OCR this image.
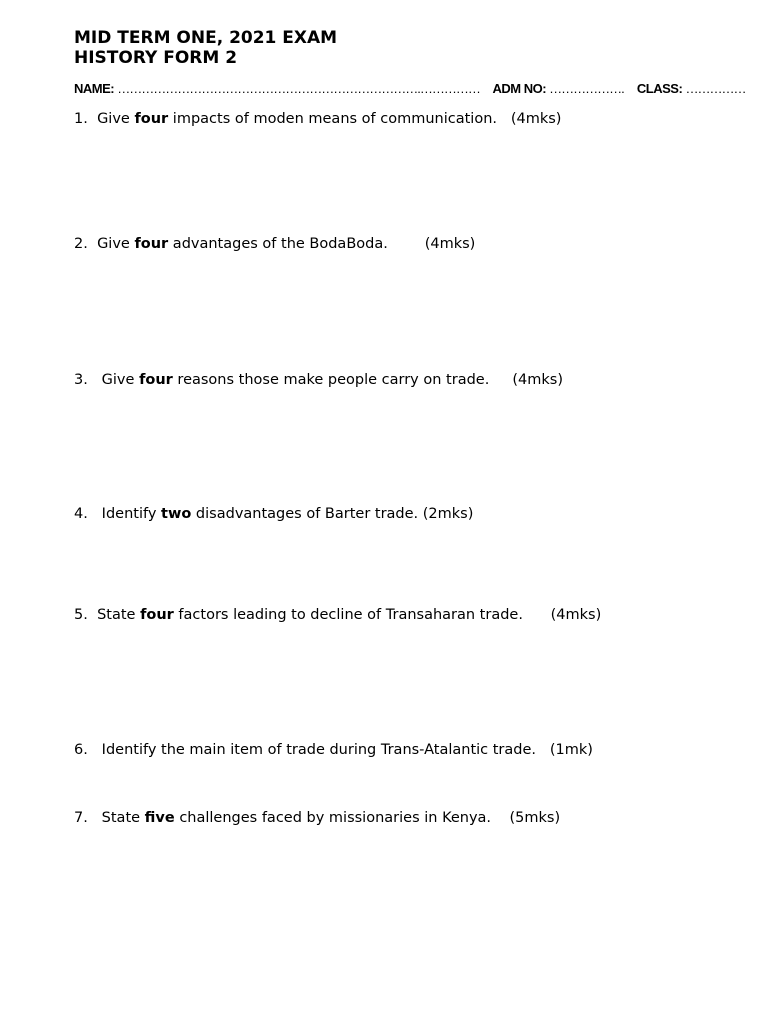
MID TERM ONE, 2021 EXAM
HISTORY FORM 2
NAME: ………………………………………………………………….…………… ADM NO: ………………. CLASS: ……………
1.  Give four impacts of moden means of communication.   (4mks)
2.  Give four advantages of the BodaBoda.        (4mks)
3.   Give four reasons those make people carry on trade.     (4mks)
4.   Identify two disadvantages of Barter trade. (2mks)
5.  State four factors leading to decline of Transaharan trade.      (4mks)
6.   Identify the main item of trade during Trans-Atalantic trade.   (1mk)
7.   State five challenges faced by missionaries in Kenya.    (5mks)
